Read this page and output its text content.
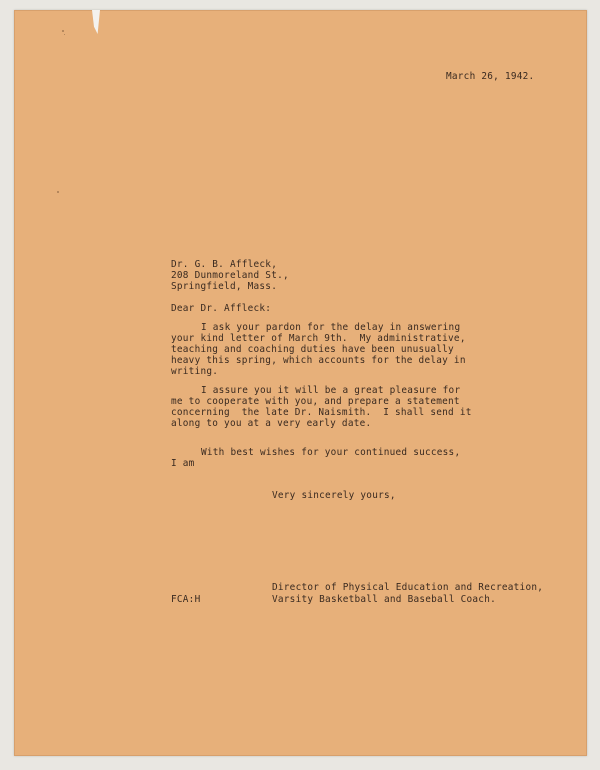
March 26, 1942.
Dr. G. B. Affleck,
208 Dunmoreland St.,
Springfield, Mass.
Dear Dr. Affleck:
I ask your pardon for the delay in answering
your kind letter of March 9th.  My administrative,
teaching and coaching duties have been unusually
heavy this spring, which accounts for the delay in
writing.
I assure you it will be a great pleasure for
me to cooperate with you, and prepare a statement
concerning  the late Dr. Naismith.  I shall send it
along to you at a very early date.
With best wishes for your continued success,
I am
Very sincerely yours,
FCA:H
Director of Physical Education and Recreation,
Varsity Basketball and Baseball Coach.
